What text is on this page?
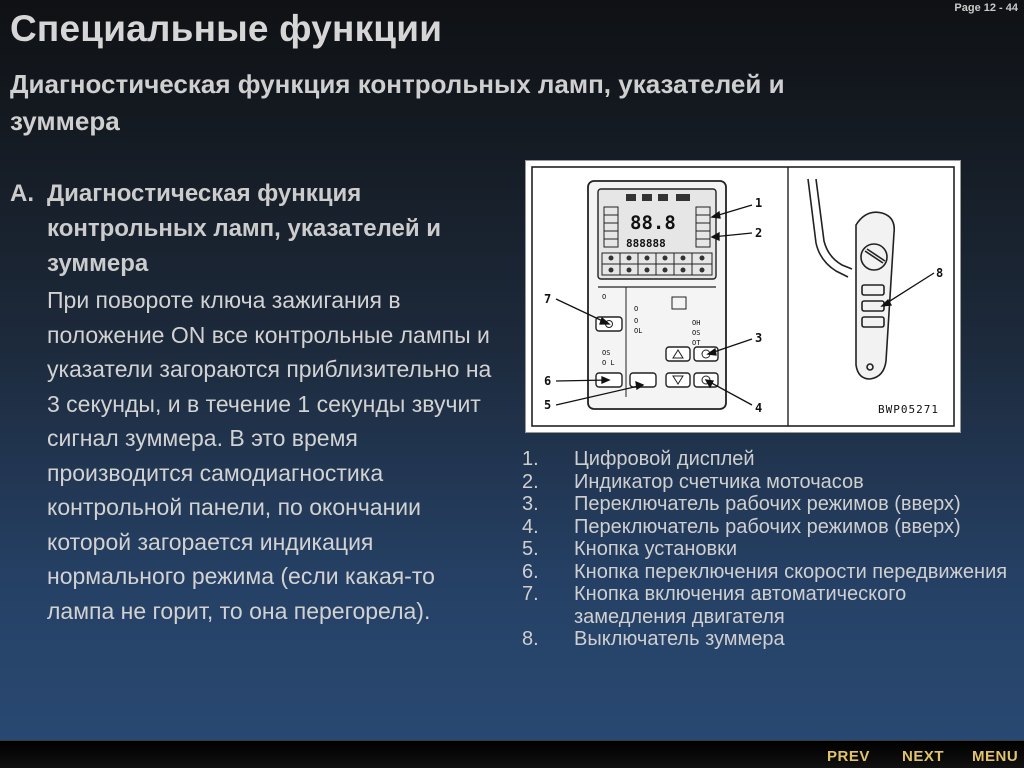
Page 12 - 44
Специальные функции
Диагностическая функция контрольных ламп, указателей и зуммера
A. Диагностическая функция контрольных ламп, указателей и зуммера
При повороте ключа зажигания в положение ON все контрольные лампы и указатели загораются приблизительно на 3 секунды, и в течение 1 секунды звучит сигнал зуммера. В это время производится самодиагностика контрольной панели, по окончании которой загорается индикация нормального режима (если какая-то лампа не горит, то она перегорела).
88.8
888888
O
O
O
OS
O L
OH
OS
OT
OL
1
2
3
4
5
6
7
8
BWP05271
1. Цифровой дисплей
2. Индикатор счетчика моточасов
3. Переключатель рабочих режимов (вверх)
4. Переключатель рабочих режимов (вверх)
5. Кнопка установки
6. Кнопка переключения скорости передвижения
7. Кнопка включения автоматического замедления двигателя
8. Выключатель зуммера
PREV NEXT MENU
